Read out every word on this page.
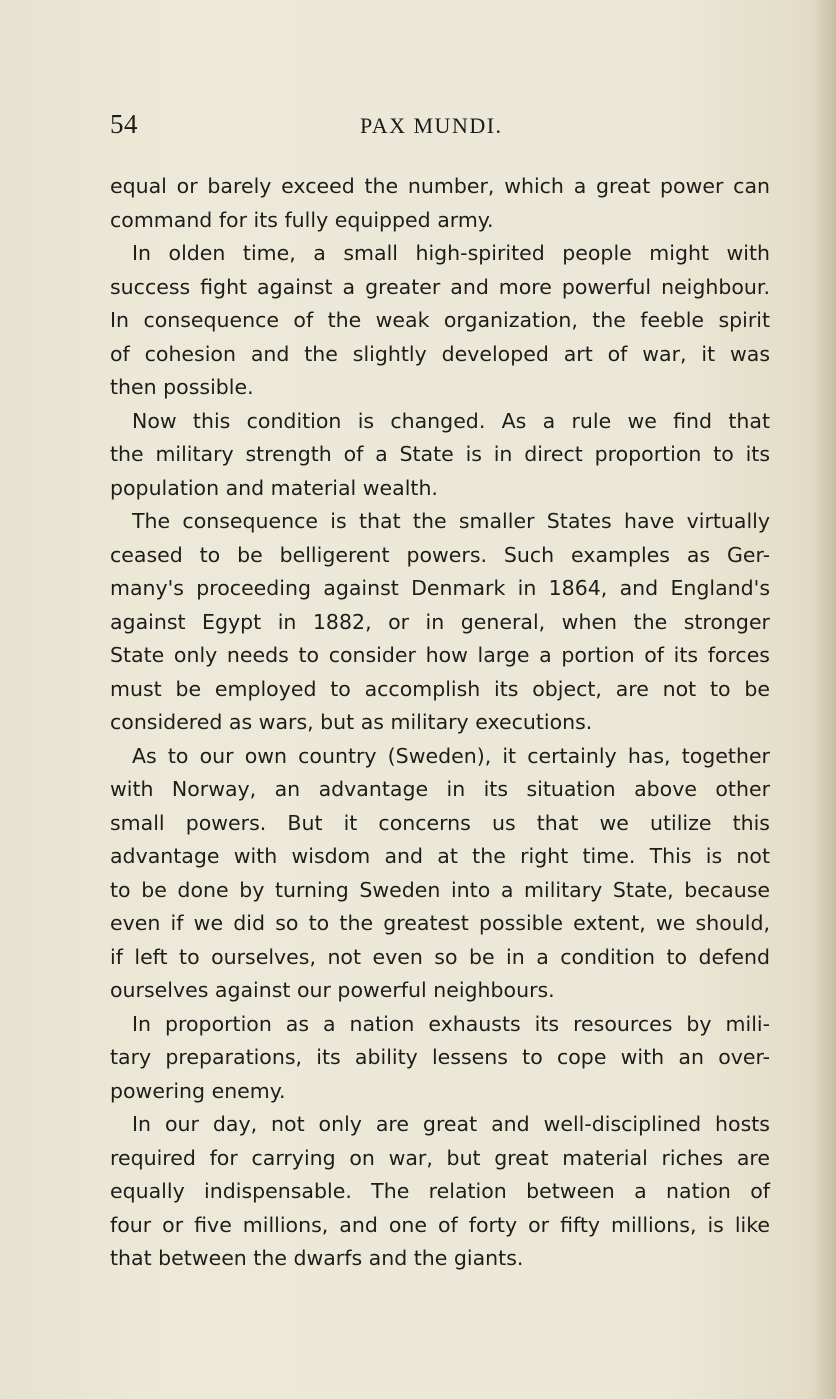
54	PAX MUNDI.
equal or barely exceed the number, which a great power can
command for its fully equipped army.
In olden time, a small high-spirited people might with
success fight against a greater and more powerful neighbour.
In consequence of the weak organization, the feeble spirit
of cohesion and the slightly developed art of war, it was
then possible.
Now this condition is changed. As a rule we find that
the military strength of a State is in direct proportion to its
population and material wealth.
The consequence is that the smaller States have virtually
ceased to be belligerent powers. Such examples as Ger-
many's proceeding against Denmark in 1864, and England's
against Egypt in 1882, or in general, when the stronger
State only needs to consider how large a portion of its forces
must be employed to accomplish its object, are not to be
considered as wars, but as military executions.
As to our own country (Sweden), it certainly has, together
with Norway, an advantage in its situation above other
small powers. But it concerns us that we utilize this
advantage with wisdom and at the right time. This is not
to be done by turning Sweden into a military State, because
even if we did so to the greatest possible extent, we should,
if left to ourselves, not even so be in a condition to defend
ourselves against our powerful neighbours.
In proportion as a nation exhausts its resources by mili-
tary preparations, its ability lessens to cope with an over-
powering enemy.
In our day, not only are great and well-disciplined hosts
required for carrying on war, but great material riches are
equally indispensable. The relation between a nation of
four or five millions, and one of forty or fifty millions, is like
that between the dwarfs and the giants.
